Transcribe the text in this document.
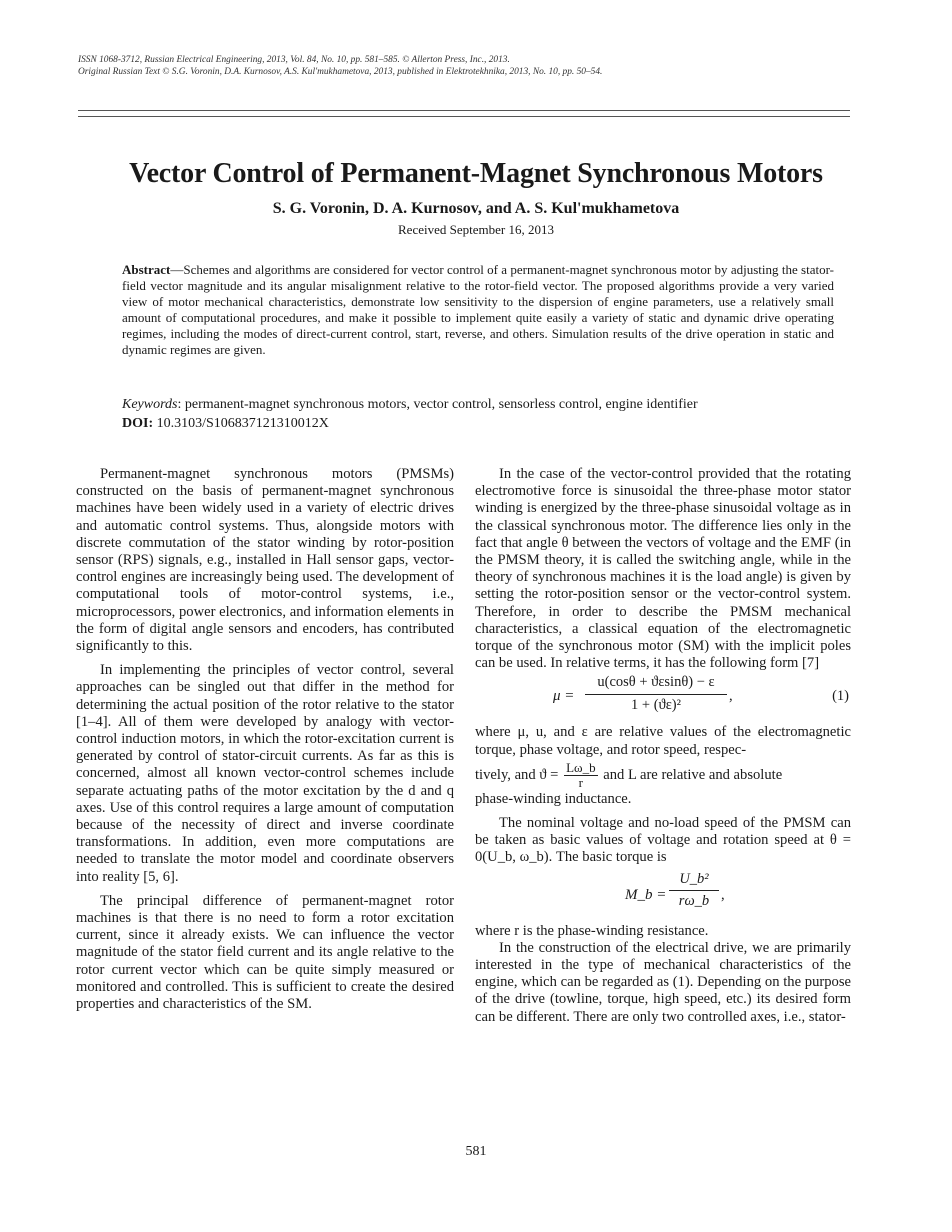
ISSN 1068-3712, Russian Electrical Engineering, 2013, Vol. 84, No. 10, pp. 581–585. © Allerton Press, Inc., 2013.
Original Russian Text © S.G. Voronin, D.A. Kurnosov, A.S. Kul'mukhametova, 2013, published in Elektrotekhnika, 2013, No. 10, pp. 50–54.
Vector Control of Permanent-Magnet Synchronous Motors
S. G. Voronin, D. A. Kurnosov, and A. S. Kul'mukhametova
Received September 16, 2013
Abstract—Schemes and algorithms are considered for vector control of a permanent-magnet synchronous motor by adjusting the stator-field vector magnitude and its angular misalignment relative to the rotor-field vector. The proposed algorithms provide a very varied view of motor mechanical characteristics, demonstrate low sensitivity to the dispersion of engine parameters, use a relatively small amount of computational procedures, and make it possible to implement quite easily a variety of static and dynamic drive operating regimes, including the modes of direct-current control, start, reverse, and others. Simulation results of the drive operation in static and dynamic regimes are given.
Keywords: permanent-magnet synchronous motors, vector control, sensorless control, engine identifier
DOI: 10.3103/S106837121310012X

Permanent-magnet synchronous motors (PMSMs) constructed on the basis of permanent-magnet synchronous machines have been widely used in a variety of electric drives and automatic control systems. Thus, alongside motors with discrete commutation of the stator winding by rotor-position sensor (RPS) signals, e.g., installed in Hall sensor gaps, vector-control engines are increasingly being used. The development of computational tools of motor-control systems, i.e., microprocessors, power electronics, and information elements in the form of digital angle sensors and encoders, has contributed significantly to this.

In implementing the principles of vector control, several approaches can be singled out that differ in the method for determining the actual position of the rotor relative to the stator [1–4]. All of them were developed by analogy with vector-control induction motors, in which the rotor-excitation current is generated by control of stator-circuit currents. As far as this is concerned, almost all known vector-control schemes include separate actuating paths of the motor excitation by the d and q axes. Use of this control requires a large amount of computation because of the necessity of direct and inverse coordinate transformations. In addition, even more computations are needed to translate the motor model and coordinate observers into reality [5, 6].

The principal difference of permanent-magnet rotor machines is that there is no need to form a rotor excitation current, since it already exists. We can influence the vector magnitude of the stator field current and its angle relative to the rotor current vector which can be quite simply measured or monitored and controlled. This is sufficient to create the desired properties and characteristics of the SM.

In the case of the vector-control provided that the rotating electromotive force is sinusoidal the three-phase motor stator winding is energized by the three-phase sinusoidal voltage as in the classical synchronous motor. The difference lies only in the fact that angle θ between the vectors of voltage and the EMF (in the PMSM theory, it is called the switching angle, while in the theory of synchronous machines it is the load angle) is given by setting the rotor-position sensor or the vector-control system. Therefore, in order to describe the PMSM mechanical characteristics, a classical equation of the electromagnetic torque of the synchronous motor (SM) with the implicit poles can be used. In relative terms, it has the following form [7]

$\mu = \frac{u(\cos\theta + ϑ\varepsilon\sin\theta) - \varepsilon}{\text{1 + (ϑε)²}}$ ,	(1)

where μ, u, and ε are relative values of the electromagnetic torque, phase voltage, and rotor speed, respec-

tively, and $ϑ = \frac{L\omega\_b}{r}$ and L are relative and absolute

phase-winding inductance.

The nominal voltage and no-load speed of the PMSM can be taken as basic values of voltage and rotation speed at θ = 0(U_b, ω_b). The basic torque is

M_b = $\frac{\text{U\_b²}}{r\omega\_b}$ ,

where r is the phase-winding resistance.

In the construction of the electrical drive, we are primarily interested in the type of mechanical characteristics of the engine, which can be regarded as (1). Depending on the purpose of the drive (towline, torque, high speed, etc.) its desired form can be different. There are only two controlled axes, i.e., stator-

581
